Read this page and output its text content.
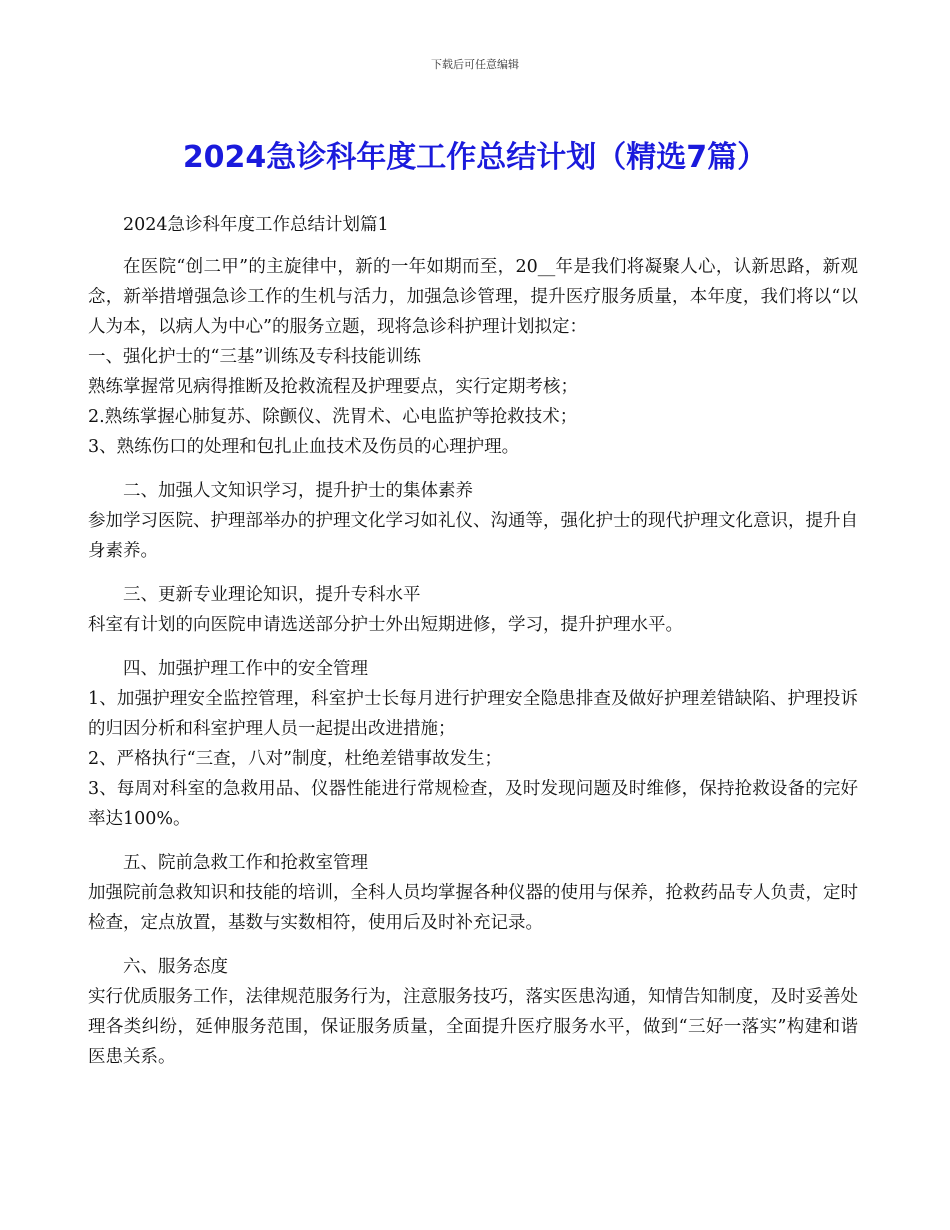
下载后可任意编辑
2024急诊科年度工作总结计划（精选7篇）

2024急诊科年度工作总结计划篇1

在医院“创二甲”的主旋律中，新的一年如期而至，20__年是我们将凝聚人心，认新思路，新观念，新举措增强急诊工作的生机与活力，加强急诊管理，提升医疗服务质量，本年度，我们将以“以人为本，以病人为中心”的服务立题，现将急诊科护理计划拟定：

一、强化护士的“三基”训练及专科技能训练

熟练掌握常见病得推断及抢救流程及护理要点，实行定期考核；

2.熟练掌握心肺复苏、除颤仪、洗胃术、心电监护等抢救技术；

3、熟练伤口的处理和包扎止血技术及伤员的心理护理。

二、加强人文知识学习，提升护士的集体素养

参加学习医院、护理部举办的护理文化学习如礼仪、沟通等，强化护士的现代护理文化意识，提升自身素养。

三、更新专业理论知识，提升专科水平

科室有计划的向医院申请选送部分护士外出短期进修，学习，提升护理水平。

四、加强护理工作中的安全管理

1、加强护理安全监控管理，科室护士长每月进行护理安全隐患排查及做好护理差错缺陷、护理投诉的归因分析和科室护理人员一起提出改进措施；

2、严格执行“三查，八对”制度，杜绝差错事故发生；

3、每周对科室的急救用品、仪器性能进行常规检查，及时发现问题及时维修，保持抢救设备的完好率达100%。

五、院前急救工作和抢救室管理

加强院前急救知识和技能的培训，全科人员均掌握各种仪器的使用与保养，抢救药品专人负责，定时检查，定点放置，基数与实数相符，使用后及时补充记录。

六、服务态度

实行优质服务工作，法律规范服务行为，注意服务技巧，落实医患沟通，知情告知制度，及时妥善处理各类纠纷，延伸服务范围，保证服务质量，全面提升医疗服务水平，做到“三好一落实”构建和谐医患关系。
